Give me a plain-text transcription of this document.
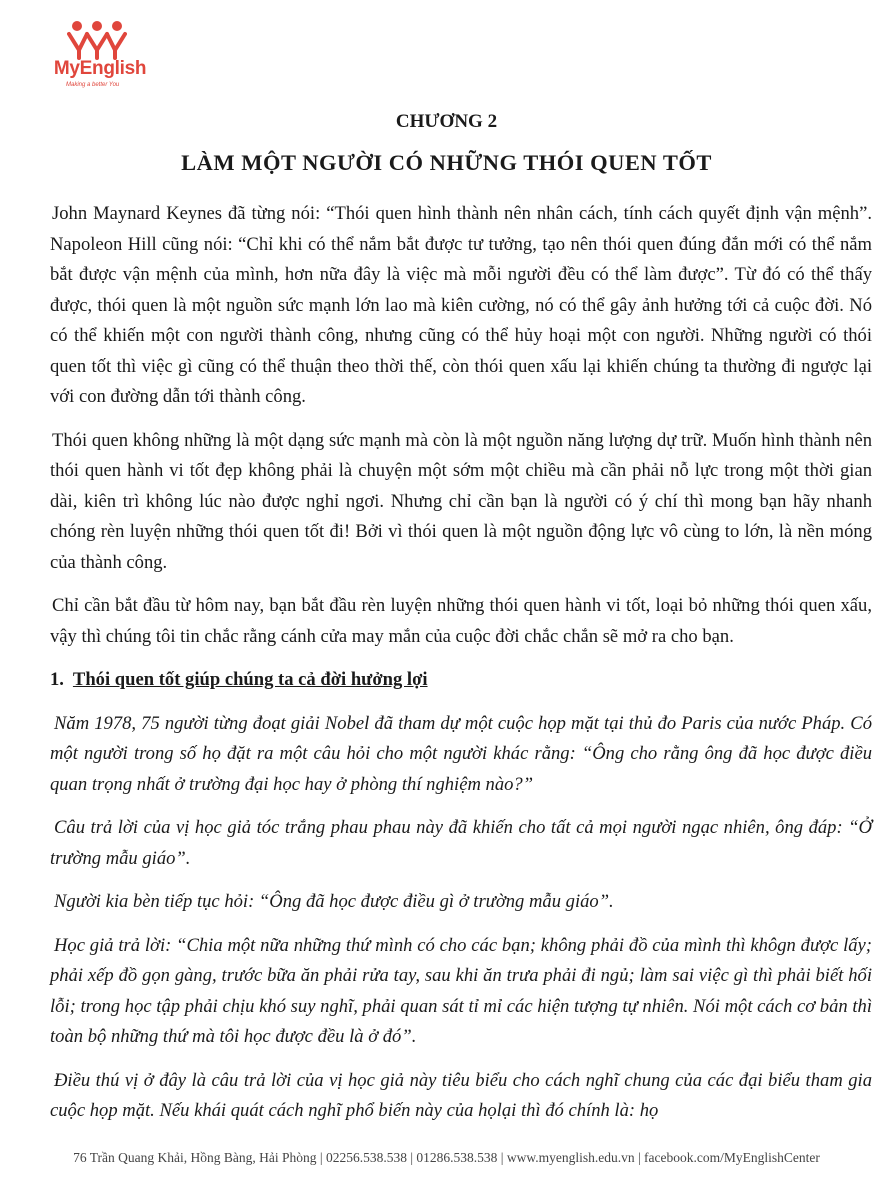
MyEnglish
Making a better You
CHƯƠNG 2
LÀM MỘT NGƯỜI CÓ NHỮNG THÓI QUEN TỐT

John Maynard Keynes đã từng nói: “Thói quen hình thành nên nhân cách, tính cách quyết định vận mệnh”. Napoleon Hill cũng nói: “Chỉ khi có thể nắm bắt được tư tưởng, tạo nên thói quen đúng đắn mới có thể nắm bắt được vận mệnh của mình, hơn nữa đây là việc mà mỗi người đều có thể làm được”. Từ đó có thể thấy được, thói quen là một nguồn sức mạnh lớn lao mà kiên cường, nó có thể gây ảnh hưởng tới cả cuộc đời. Nó có thể khiến một con người thành công, nhưng cũng có thể hủy hoại một con người. Những người có thói quen tốt thì việc gì cũng có thể thuận theo thời thế, còn thói quen xấu lại khiến chúng ta thường đi ngược lại với con đường dẫn tới thành công.

Thói quen không những là một dạng sức mạnh mà còn là một nguồn năng lượng dự trữ. Muốn hình thành nên thói quen hành vi tốt đẹp không phải là chuyện một sớm một chiều mà cần phải nỗ lực trong một thời gian dài, kiên trì không lúc nào được nghỉ ngơi. Nhưng chỉ cần bạn là người có ý chí thì mong bạn hãy nhanh chóng rèn luyện những thói quen tốt đi! Bởi vì thói quen là một nguồn động lực vô cùng to lớn, là nền móng của thành công.

Chỉ cần bắt đầu từ hôm nay, bạn bắt đầu rèn luyện những thói quen hành vi tốt, loại bỏ những thói quen xấu, vậy thì chúng tôi tin chắc rằng cánh cửa may mắn của cuộc đời chắc chắn sẽ mở ra cho bạn.

1. Thói quen tốt giúp chúng ta cả đời hưởng lợi

Năm 1978, 75 người từng đoạt giải Nobel đã tham dự một cuộc họp mặt tại thủ đo Paris của nước Pháp. Có một người trong số họ đặt ra một câu hỏi cho một người khác rằng: “Ông cho rằng ông đã học được điều quan trọng nhất ở trường đại học hay ở phòng thí nghiệm nào?”

Câu trả lời của vị học giả tóc trắng phau phau này đã khiến cho tất cả mọi người ngạc nhiên, ông đáp: “Ở trường mẫu giáo”.

Người kia bèn tiếp tục hỏi: “Ông đã học được điều gì ở trường mẫu giáo”.

Học giả trả lời: “Chia một nữa những thứ mình có cho các bạn; không phải đồ của mình thì khôgn được lấy; phải xếp đồ gọn gàng, trước bữa ăn phải rửa tay, sau khi ăn trưa phải đi ngủ; làm sai việc gì thì phải biết hối lỗi; trong học tập phải chịu khó suy nghĩ, phải quan sát tỉ mỉ các hiện tượng tự nhiên. Nói một cách cơ bản thì toàn bộ những thứ mà tôi học được đều là ở đó”.

Điều thú vị ở đây là câu trả lời của vị học giả này tiêu biểu cho cách nghĩ chung của các đại biểu tham gia cuộc họp mặt. Nếu khái quát cách nghĩ phổ biến này của họlại thì đó chính là: họ

76 Trần Quang Khải, Hồng Bàng, Hải Phòng | 02256.538.538 | 01286.538.538 | www.myenglish.edu.vn | facebook.com/MyEnglishCenter
